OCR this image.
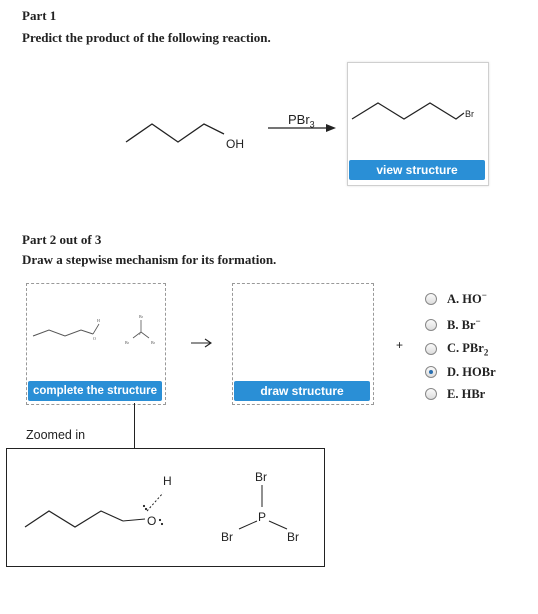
Part 1
Predict the product of the following reaction.
OH
PBr$_3$
Br
view structure
Part 2 out of 3
Draw a stepwise mechanism for its formation.
H
O
Br
P
Br	Br
complete the structure	draw structure
+
A. HO−
B. Br−
C. PBr$_2$
D. HOBr
E. HBr
Zoomed in
H
O
Br
P
Br	Br
